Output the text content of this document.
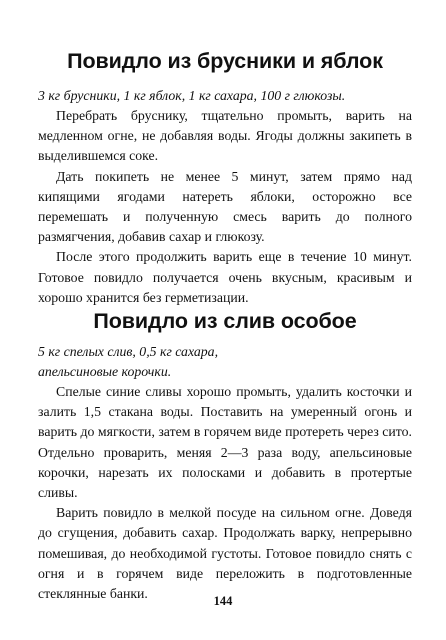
Повидло из брусники и яблок

3 кг брусники, 1 кг яблок, 1 кг сахара, 100 г глюкозы.

Перебрать бруснику, тщательно промыть, варить на медленном огне, не добавляя воды. Ягоды должны закипеть в выделившемся соке.

Дать покипеть не менее 5 минут, затем прямо над кипящими ягодами натереть яблоки, осторожно все перемешать и полученную смесь варить до полного размягчения, добавив сахар и глюкозу.

После этого продолжить варить еще в течение 10 минут. Готовое повидло получается очень вкусным, красивым и хорошо хранится без герметизации.

Повидло из слив особое

5 кг спелых слив, 0,5 кг сахара,
апельсиновые корочки.

Спелые синие сливы хорошо промыть, удалить косточки и залить 1,5 стакана воды. Поставить на умеренный огонь и варить до мягкости, затем в горячем виде протереть через сито. Отдельно проварить, меняя 2—3 раза воду, апельсиновые корочки, нарезать их полосками и добавить в протертые сливы.

Варить повидло в мелкой посуде на сильном огне. Доведя до сгущения, добавить сахар. Продолжать варку, непрерывно помешивая, до необходимой густоты. Готовое повидло снять с огня и в горячем виде переложить в подготовленные стеклянные банки.	144
